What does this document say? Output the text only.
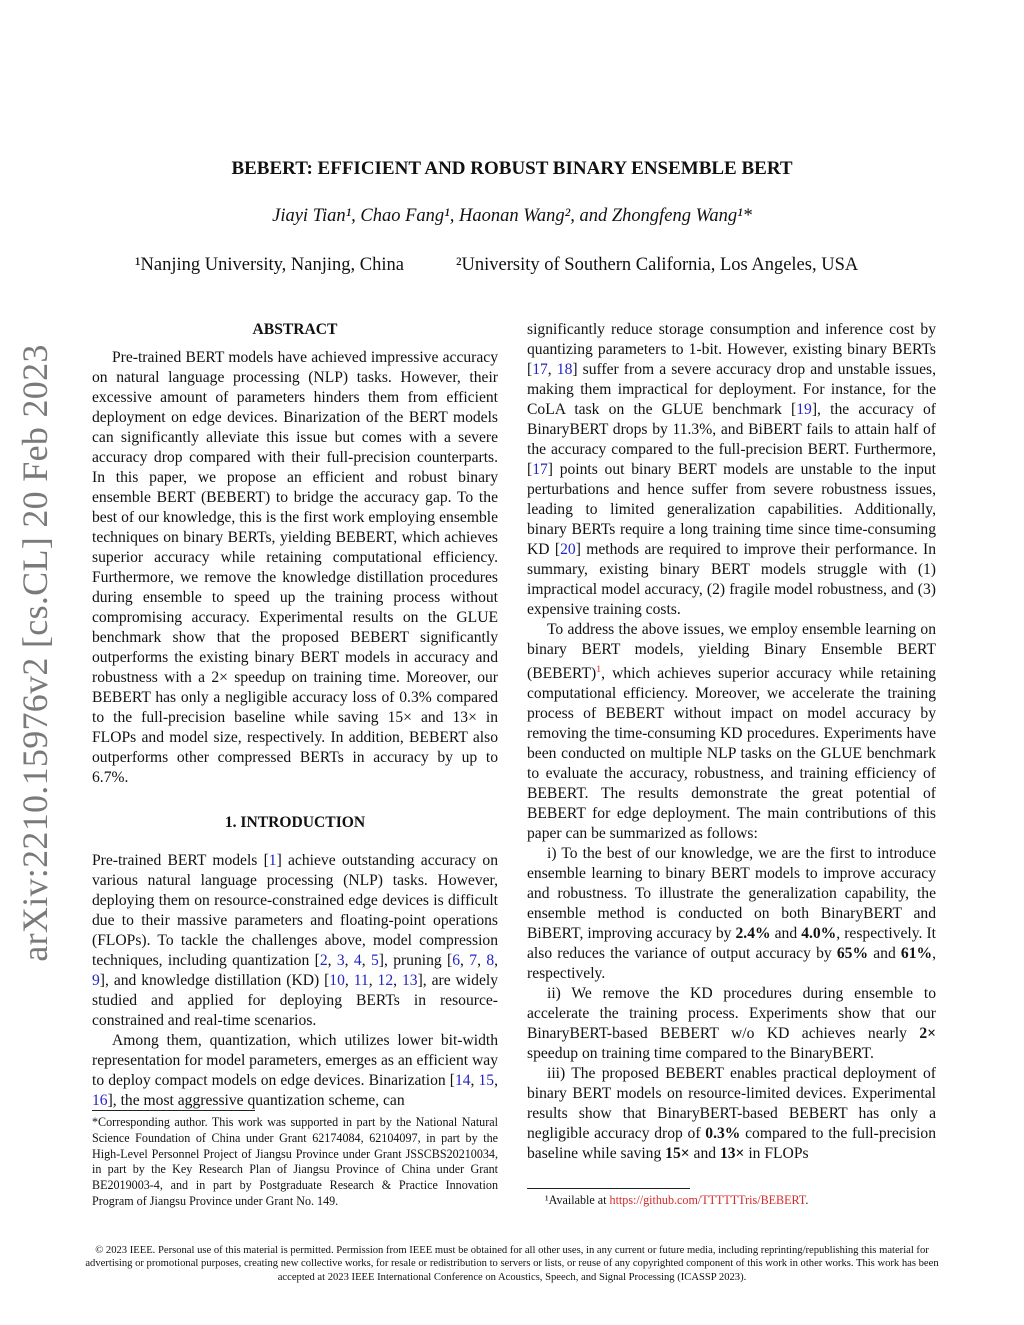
arXiv:2210.15976v2 [cs.CL] 20 Feb 2023
BEBERT: EFFICIENT AND ROBUST BINARY ENSEMBLE BERT
Jiayi Tian¹, Chao Fang¹, Haonan Wang², and Zhongfeng Wang¹*
¹Nanjing University, Nanjing, China	²University of Southern California, Los Angeles, USA
ABSTRACT

Pre-trained BERT models have achieved impressive accuracy on natural language processing (NLP) tasks. However, their excessive amount of parameters hinders them from efficient deployment on edge devices. Binarization of the BERT models can significantly alleviate this issue but comes with a severe accuracy drop compared with their full-precision counterparts. In this paper, we propose an efficient and robust binary ensemble BERT (BEBERT) to bridge the accuracy gap. To the best of our knowledge, this is the first work employing ensemble techniques on binary BERTs, yielding BEBERT, which achieves superior accuracy while retaining computational efficiency. Furthermore, we remove the knowledge distillation procedures during ensemble to speed up the training process without compromising accuracy. Experimental results on the GLUE benchmark show that the proposed BEBERT significantly outperforms the existing binary BERT models in accuracy and robustness with a 2× speedup on training time. Moreover, our BEBERT has only a negligible accuracy loss of 0.3% compared to the full-precision baseline while saving 15× and 13× in FLOPs and model size, respectively. In addition, BEBERT also outperforms other compressed BERTs in accuracy by up to 6.7%.

1. INTRODUCTION

Pre-trained BERT models [1] achieve outstanding accuracy on various natural language processing (NLP) tasks. However, deploying them on resource-constrained edge devices is difficult due to their massive parameters and floating-point operations (FLOPs). To tackle the challenges above, model compression techniques, including quantization [2, 3, 4, 5], pruning [6, 7, 8, 9], and knowledge distillation (KD) [10, 11, 12, 13], are widely studied and applied for deploying BERTs in resource-constrained and real-time scenarios.

Among them, quantization, which utilizes lower bit-width representation for model parameters, emerges as an efficient way to deploy compact models on edge devices. Binarization [14, 15, 16], the most aggressive quantization scheme, can

*Corresponding author. This work was supported in part by the National Natural Science Foundation of China under Grant 62174084, 62104097, in part by the High-Level Personnel Project of Jiangsu Province under Grant JSSCBS20210034, in part by the Key Research Plan of Jiangsu Province of China under Grant BE2019003-4, and in part by Postgraduate Research & Practice Innovation Program of Jiangsu Province under Grant No. 149.

significantly reduce storage consumption and inference cost by quantizing parameters to 1-bit. However, existing binary BERTs [17, 18] suffer from a severe accuracy drop and unstable issues, making them impractical for deployment. For instance, for the CoLA task on the GLUE benchmark [19], the accuracy of BinaryBERT drops by 11.3%, and BiBERT fails to attain half of the accuracy compared to the full-precision BERT. Furthermore, [17] points out binary BERT models are unstable to the input perturbations and hence suffer from severe robustness issues, leading to limited generalization capabilities. Additionally, binary BERTs require a long training time since time-consuming KD [20] methods are required to improve their performance. In summary, existing binary BERT models struggle with (1) impractical model accuracy, (2) fragile model robustness, and (3) expensive training costs.

To address the above issues, we employ ensemble learning on binary BERT models, yielding Binary Ensemble BERT (BEBERT)$^1$, which achieves superior accuracy while retaining computational efficiency. Moreover, we accelerate the training process of BEBERT without impact on model accuracy by removing the time-consuming KD procedures. Experiments have been conducted on multiple NLP tasks on the GLUE benchmark to evaluate the accuracy, robustness, and training efficiency of BEBERT. The results demonstrate the great potential of BEBERT for edge deployment. The main contributions of this paper can be summarized as follows:

i) To the best of our knowledge, we are the first to introduce ensemble learning to binary BERT models to improve accuracy and robustness. To illustrate the generalization capability, the ensemble method is conducted on both BinaryBERT and BiBERT, improving accuracy by 2.4% and 4.0%, respectively. It also reduces the variance of output accuracy by 65% and 61%, respectively.

ii) We remove the KD procedures during ensemble to accelerate the training process. Experiments show that our BinaryBERT-based BEBERT w/o KD achieves nearly 2× speedup on training time compared to the BinaryBERT.

iii) The proposed BEBERT enables practical deployment of binary BERT models on resource-limited devices. Experimental results show that BinaryBERT-based BEBERT has only a negligible accuracy drop of 0.3% compared to the full-precision baseline while saving 15× and 13× in FLOPs

¹Available at https://github.com/TTTTTTris/BEBERT.
© 2023 IEEE. Personal use of this material is permitted. Permission from IEEE must be obtained for all other uses, in any current or future media, including reprinting/republishing this material for advertising or promotional purposes, creating new collective works, for resale or redistribution to servers or lists, or reuse of any copyrighted component of this work in other works. This work has been accepted at 2023 IEEE International Conference on Acoustics, Speech, and Signal Processing (ICASSP 2023).
